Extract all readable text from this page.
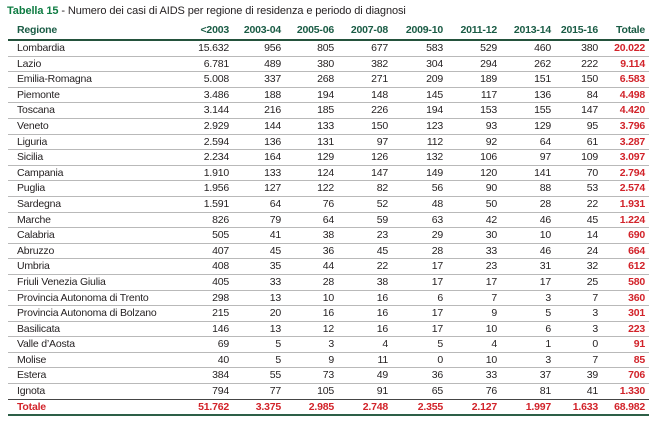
Tabella 15 - Numero dei casi di AIDS per regione di residenza e periodo di diagnosi
Regione	<2003	2003-04	2005-06	2007-08	2009-10	2011-12	2013-14	2015-16	Totale
Lombardia	15.632	956	805	677	583	529	460	380	20.022
Lazio	6.781	489	380	382	304	294	262	222	9.114
Emilia-Romagna	5.008	337	268	271	209	189	151	150	6.583
Piemonte	3.486	188	194	148	145	117	136	84	4.498
Toscana	3.144	216	185	226	194	153	155	147	4.420
Veneto	2.929	144	133	150	123	93	129	95	3.796
Liguria	2.594	136	131	97	112	92	64	61	3.287
Sicilia	2.234	164	129	126	132	106	97	109	3.097
Campania	1.910	133	124	147	149	120	141	70	2.794
Puglia	1.956	127	122	82	56	90	88	53	2.574
Sardegna	1.591	64	76	52	48	50	28	22	1.931
Marche	826	79	64	59	63	42	46	45	1.224
Calabria	505	41	38	23	29	30	10	14	690
Abruzzo	407	45	36	45	28	33	46	24	664
Umbria	408	35	44	22	17	23	31	32	612
Friuli Venezia Giulia	405	33	28	38	17	17	17	25	580
Provincia Autonoma di Trento	298	13	10	16	6	7	3	7	360
Provincia Autonoma di Bolzano	215	20	16	16	17	9	5	3	301
Basilicata	146	13	12	16	17	10	6	3	223
Valle d’Aosta	69	5	3	4	5	4	1	0	91
Molise	40	5	9	11	0	10	3	7	85
Estera	384	55	73	49	36	33	37	39	706
Ignota	794	77	105	91	65	76	81	41	1.330
Totale	51.762	3.375	2.985	2.748	2.355	2.127	1.997	1.633	68.982
